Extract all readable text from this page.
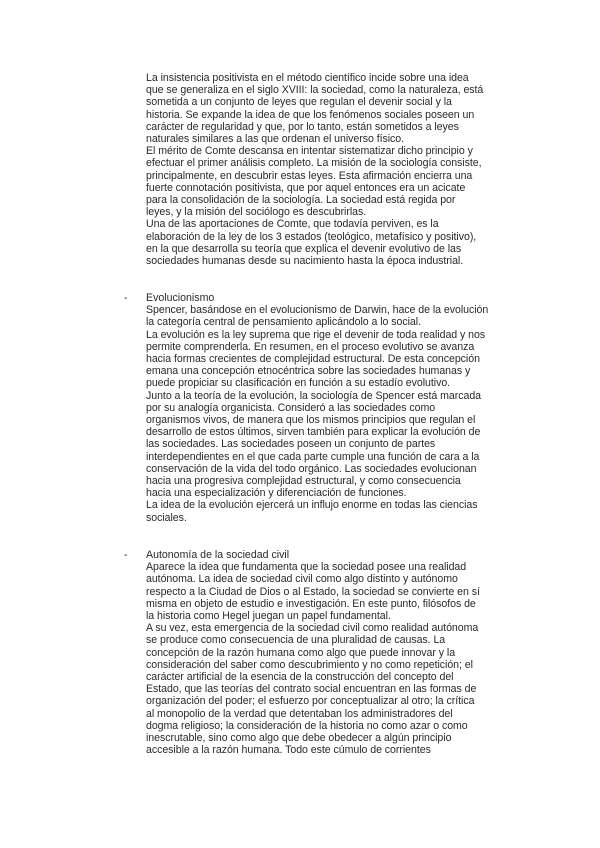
La insistencia positivista en el método científico incide sobre una idea
que se generaliza en el siglo XVIII: la sociedad, como la naturaleza, está
sometida a un conjunto de leyes que regulan el devenir social y la
historia. Se expande la idea de que los fenómenos sociales poseen un
carácter de regularidad y que, por lo tanto, están sometidos a leyes
naturales similares a las que ordenan el universo físico.
El mérito de Comte descansa en intentar sistematizar dicho principio y
efectuar el primer análisis completo. La misión de la sociología consiste,
principalmente, en descubrir estas leyes. Esta afirmación encierra una
fuerte connotación positivista, que por aquel entonces era un acicate
para la consolidación de la sociología. La sociedad está regida por
leyes, y la misión del sociólogo es descubrirlas.
Una de las aportaciones de Comte, que todavía perviven, es la
elaboración de la ley de los 3 estados (teológico, metafísico y positivo),
en la que desarrolla su teoría que explica el devenir evolutivo de las
sociedades humanas desde su nacimiento hasta la época industrial.
- Evolucionismo
Spencer, basándose en el evolucionismo de Darwin, hace de la evolución
la categoría central de pensamiento aplicándolo a lo social.
La evolución es la ley suprema que rige el devenir de toda realidad y nos
permite comprenderla. En resumen, en el proceso evolutivo se avanza
hacia formas crecientes de complejidad estructural. De esta concepción
emana una concepción etnocéntrica sobre las sociedades humanas y
puede propiciar su clasificación en función a su estadío evolutivo.
Junto a la teoría de la evolución, la sociología de Spencer está marcada
por su analogía organicista. Consideró a las sociedades como
organismos vivos, de manera que los mismos principios que regulan el
desarrollo de estos últimos, sirven también para explicar la evolución de
las sociedades. Las sociedades poseen un conjunto de partes
interdependientes en el que cada parte cumple una función de cara a la
conservación de la vida del todo orgánico. Las sociedades evolucionan
hacia una progresiva complejidad estructural, y como consecuencia
hacia una especialización y diferenciación de funciones.
La idea de la evolución ejercerá un influjo enorme en todas las ciencias
sociales.
- Autonomía de la sociedad civil
Aparece la idea que fundamenta que la sociedad posee una realidad
autónoma. La idea de sociedad civil como algo distinto y autónomo
respecto a la Ciudad de Dios o al Estado, la sociedad se convierte en sí
misma en objeto de estudio e investigación. En este punto, filósofos de
la historia como Hegel juegan un papel fundamental.
A su vez, esta emergencia de la sociedad civil como realidad autónoma
se produce como consecuencia de una pluralidad de causas. La
concepción de la razón humana como algo que puede innovar y la
consideración del saber como descubrimiento y no como repetición; el
carácter artificial de la esencia de la construcción del concepto del
Estado, que las teorías del contrato social encuentran en las formas de
organización del poder; el esfuerzo por conceptualizar al otro; la crítica
al monopolio de la verdad que detentaban los administradores del
dogma religioso; la consideración de la historia no como azar o como
inescrutable, sino como algo que debe obedecer a algún principio
accesible a la razón humana. Todo este cúmulo de corrientes
